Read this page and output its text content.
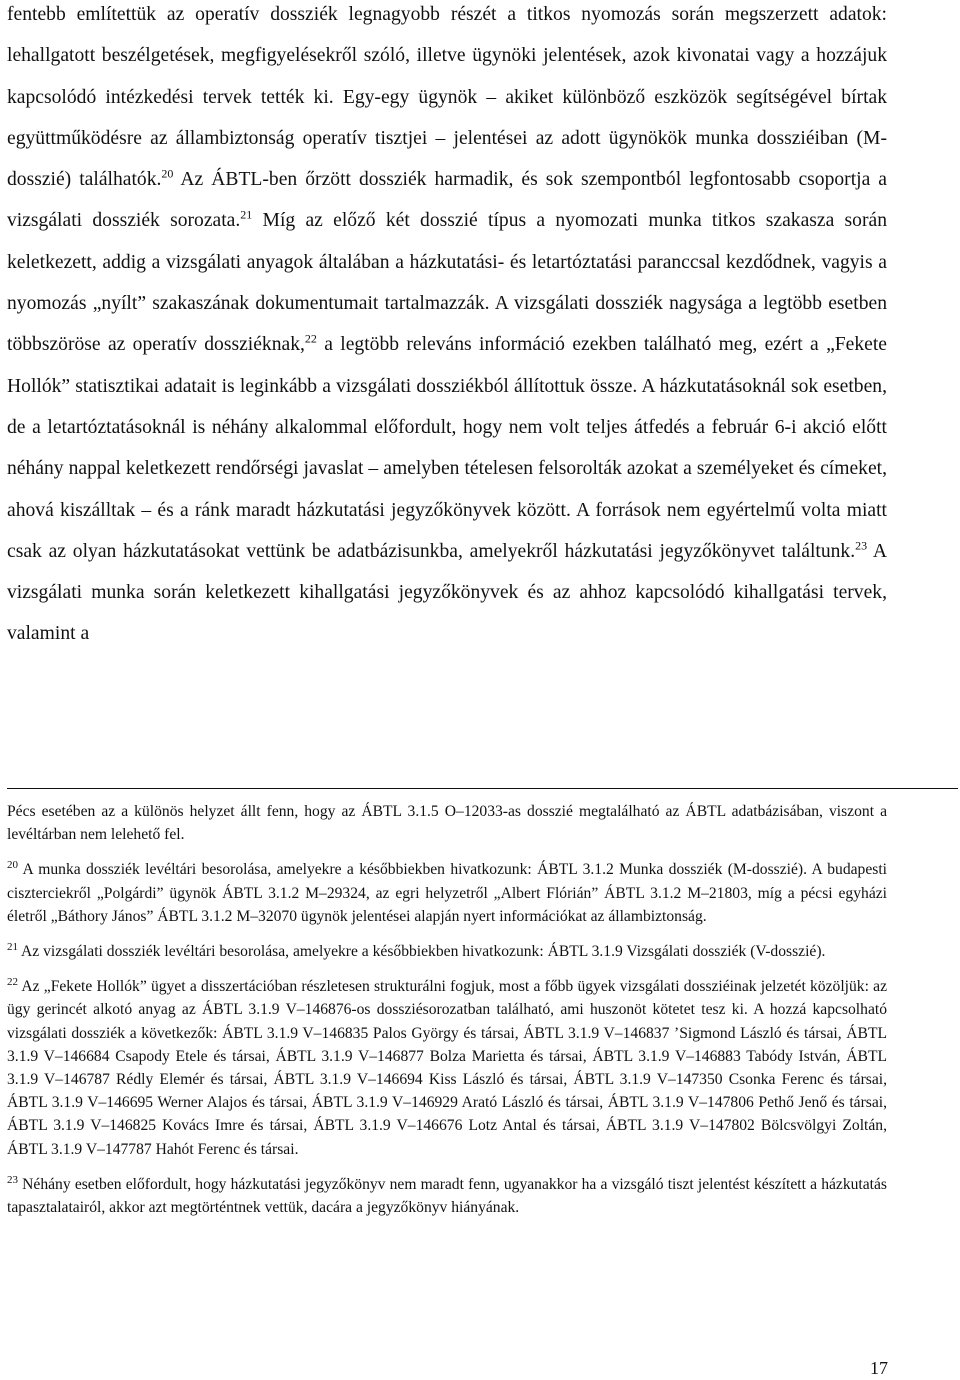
fentebb említettük az operatív dossziék legnagyobb részét a titkos nyomozás során megszerzett adatok: lehallgatott beszélgetések, megfigyelésekről szóló, illetve ügynöki jelentések, azok kivonatai vagy a hozzájuk kapcsolódó intézkedési tervek tették ki. Egy-egy ügynök – akiket különböző eszközök segítségével bírtak együttműködésre az állambiztonság operatív tisztjei – jelentései az adott ügynökök munka dossziéiban (M-dosszié) találhatók.$^{20}$ Az ÁBTL-ben őrzött dossziék harmadik, és sok szempontból legfontosabb csoportja a vizsgálati dossziék sorozata.$^{21}$ Míg az előző két dosszié típus a nyomozati munka titkos szakasza során keletkezett, addig a vizsgálati anyagok általában a házkutatási- és letartóztatási paranccsal kezdődnek, vagyis a nyomozás „nyílt” szakaszának dokumentumait tartalmazzák. A vizsgálati dossziék nagysága a legtöbb esetben többszöröse az operatív dossziéknak,$^{22}$ a legtöbb releváns információ ezekben található meg, ezért a „Fekete Hollók” statisztikai adatait is leginkább a vizsgálati dossziékból állítottuk össze. A házkutatásoknál sok esetben, de a letartóztatásoknál is néhány alkalommal előfordult, hogy nem volt teljes átfedés a február 6-i akció előtt néhány nappal keletkezett rendőrségi javaslat – amelyben tételesen felsorolták azokat a személyeket és címeket, ahová kiszálltak – és a ránk maradt házkutatási jegyzőkönyvek között. A források nem egyértelmű volta miatt csak az olyan házkutatásokat vettünk be adatbázisunkba, amelyekről házkutatási jegyzőkönyvet találtunk.$^{23}$ A vizsgálati munka során keletkezett kihallgatási jegyzőkönyvek és az ahhoz kapcsolódó kihallgatási tervek, valamint a

Pécs esetében az a különös helyzet állt fenn, hogy az ÁBTL 3.1.5 O–12033-as dosszié megtalálható az ÁBTL adatbázisában, viszont a levéltárban nem lelehető fel.

$^{20}$ A munka dossziék levéltári besorolása, amelyekre a későbbiekben hivatkozunk: ÁBTL 3.1.2 Munka dossziék (M-dosszié). A budapesti ciszterciekről „Polgárdi” ügynök ÁBTL 3.1.2 M–29324, az egri helyzetről „Albert Flórián” ÁBTL 3.1.2 M–21803, míg a pécsi egyházi életről „Báthory János” ÁBTL 3.1.2 M–32070 ügynök jelentései alapján nyert információkat az állambiztonság.

$^{21}$ Az vizsgálati dossziék levéltári besorolása, amelyekre a későbbiekben hivatkozunk: ÁBTL 3.1.9 Vizsgálati dossziék (V-dosszié).

$^{22}$ Az „Fekete Hollók” ügyet a disszertációban részletesen strukturálni fogjuk, most a főbb ügyek vizsgálati dossziéinak jelzetét közöljük: az ügy gerincét alkotó anyag az ÁBTL 3.1.9 V–146876-os dossziésorozatban található, ami huszonöt kötetet tesz ki. A hozzá kapcsolható vizsgálati dossziék a következők: ÁBTL 3.1.9 V–146835 Palos György és társai, ÁBTL 3.1.9 V–146837 ’Sigmond László és társai, ÁBTL 3.1.9 V–146684 Csapody Etele és társai, ÁBTL 3.1.9 V–146877 Bolza Marietta és társai, ÁBTL 3.1.9 V–146883 Tabódy István, ÁBTL 3.1.9 V–146787 Rédly Elemér és társai, ÁBTL 3.1.9 V–146694 Kiss László és társai, ÁBTL 3.1.9 V–147350 Csonka Ferenc és társai, ÁBTL 3.1.9 V–146695 Werner Alajos és társai, ÁBTL 3.1.9 V–146929 Arató László és társai, ÁBTL 3.1.9 V–147806 Pethő Jenő és társai, ÁBTL 3.1.9 V–146825 Kovács Imre és társai, ÁBTL 3.1.9 V–146676 Lotz Antal és társai, ÁBTL 3.1.9 V–147802 Bölcsvölgyi Zoltán, ÁBTL 3.1.9 V–147787 Hahót Ferenc és társai.

$^{23}$ Néhány esetben előfordult, hogy házkutatási jegyzőkönyv nem maradt fenn, ugyanakkor ha a vizsgáló tiszt jelentést készített a házkutatás tapasztalatairól, akkor azt megtörténtnek vettük, dacára a jegyzőkönyv hiányának.

17
